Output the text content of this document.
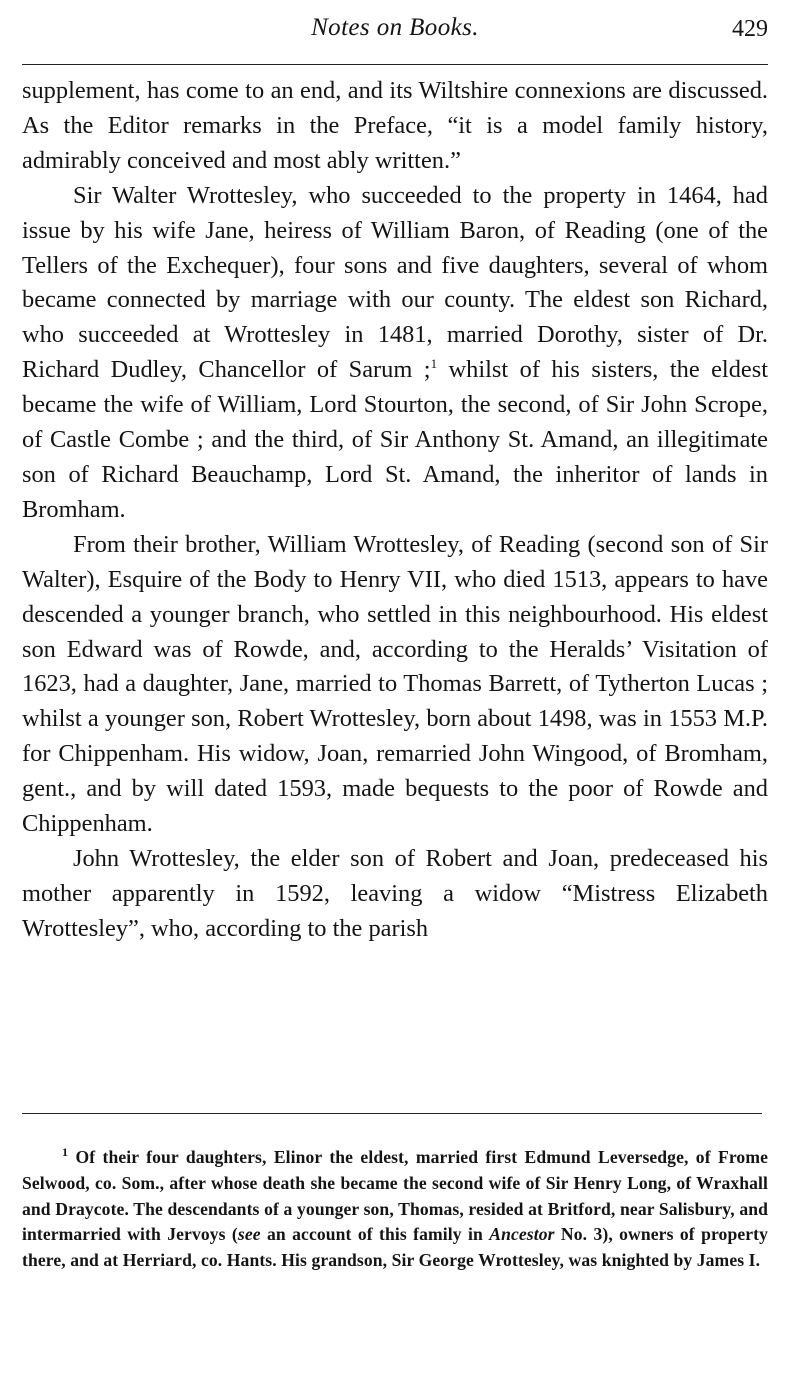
Notes on Books.	429

supplement, has come to an end, and its Wiltshire connexions are discussed. As the Editor remarks in the Preface, “it is a model family history, admirably conceived and most ably written.”

Sir Walter Wrottesley, who succeeded to the property in 1464, had issue by his wife Jane, heiress of William Baron, of Reading (one of the Tellers of the Exchequer), four sons and five daughters, several of whom became connected by marriage with our county. The eldest son Richard, who succeeded at Wrottesley in 1481, married Dorothy, sister of Dr. Richard Dudley, Chancellor of Sarum ;$^1$ whilst of his sisters, the eldest became the wife of William, Lord Stourton, the second, of Sir John Scrope, of Castle Combe ; and the third, of Sir Anthony St. Amand, an illegitimate son of Richard Beauchamp, Lord St. Amand, the inheritor of lands in Bromham.

From their brother, William Wrottesley, of Reading (second son of Sir Walter), Esquire of the Body to Henry VII, who died 1513, appears to have descended a younger branch, who settled in this neighbourhood. His eldest son Edward was of Rowde, and, according to the Heralds’ Visitation of 1623, had a daughter, Jane, married to Thomas Barrett, of Tytherton Lucas ; whilst a younger son, Robert Wrottesley, born about 1498, was in 1553 M.P. for Chippenham. His widow, Joan, remarried John Wingood, of Bromham, gent., and by will dated 1593, made bequests to the poor of Rowde and Chippenham.

John Wrottesley, the elder son of Robert and Joan, predeceased his mother apparently in 1592, leaving a widow “Mistress Elizabeth Wrottesley”, who, according to the parish

$^1$ Of their four daughters, Elinor the eldest, married first Edmund Leversedge, of Frome Selwood, co. Som., after whose death she became the second wife of Sir Henry Long, of Wraxhall and Draycote. The descendants of a younger son, Thomas, resided at Britford, near Salisbury, and intermarried with Jervoys (see an account of this family in Ancestor No. 3), owners of property there, and at Herriard, co. Hants. His grandson, Sir George Wrottesley, was knighted by James I.
